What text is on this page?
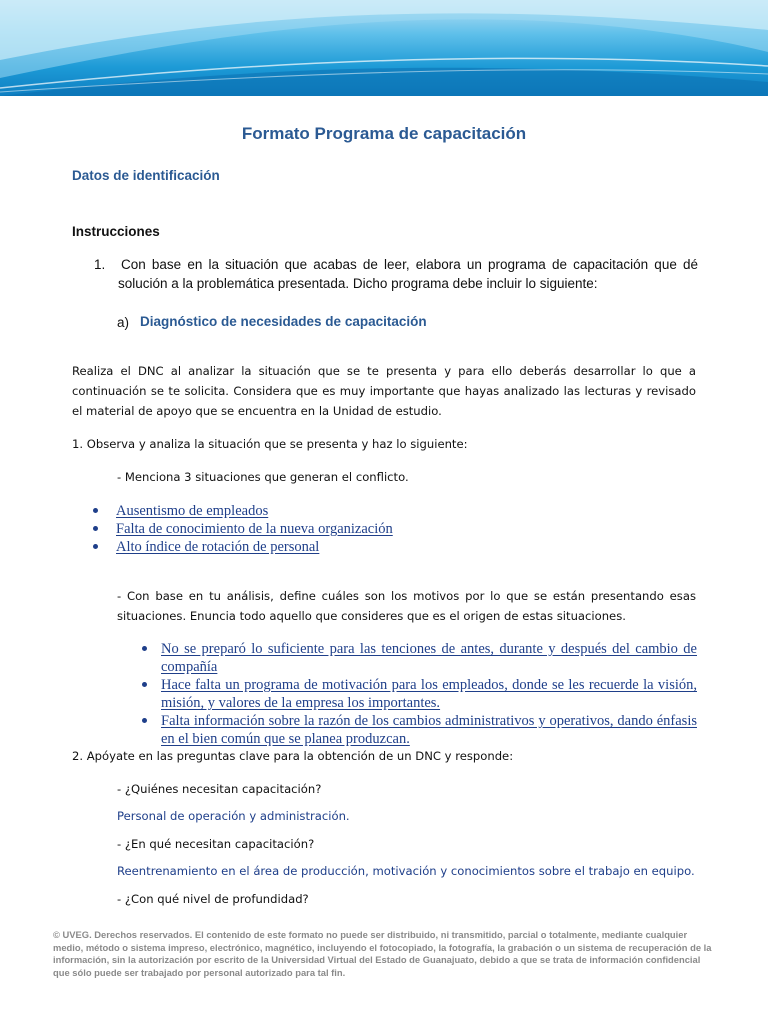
Formato Programa de capacitación
Datos de identificación
Instrucciones
1. Con base en la situación que acabas de leer, elabora un programa de capacitación que dé solución a la problemática presentada. Dicho programa debe incluir lo siguiente:
a) Diagnóstico de necesidades de capacitación
Realiza el DNC al analizar la situación que se te presenta y para ello deberás desarrollar lo que a continuación se te solicita. Considera que es muy importante que hayas analizado las lecturas y revisado el material de apoyo que se encuentra en la Unidad de estudio.
1. Observa y analiza la situación que se presenta y haz lo siguiente:
- Menciona 3 situaciones que generan el conflicto.
Ausentismo de empleados
Falta de conocimiento de la nueva organización
Alto índice de rotación de personal
- Con base en tu análisis, define cuáles son los motivos por lo que se están presentando esas situaciones. Enuncia todo aquello que consideres que es el origen de estas situaciones.
No se preparó lo suficiente para las tenciones de antes, durante y después del cambio de compañía
Hace falta un programa de motivación para los empleados, donde se les recuerde la visión, misión, y valores de la empresa los importantes.
Falta información sobre la razón de los cambios administrativos y operativos, dando énfasis en el bien común que se planea produzcan.
2. Apóyate en las preguntas clave para la obtención de un DNC y responde:
- ¿Quiénes necesitan capacitación?
Personal de operación y administración.
- ¿En qué necesitan capacitación?
Reentrenamiento en el área de producción, motivación y conocimientos sobre el trabajo en equipo.
- ¿Con qué nivel de profundidad?
© UVEG. Derechos reservados. El contenido de este formato no puede ser distribuido, ni transmitido, parcial o totalmente, mediante cualquier medio, método o sistema impreso, electrónico, magnético, incluyendo el fotocopiado, la fotografía, la grabación o un sistema de recuperación de la información, sin la autorización por escrito de la Universidad Virtual del Estado de Guanajuato, debido a que se trata de información confidencial que sólo puede ser trabajado por personal autorizado para tal fin.
